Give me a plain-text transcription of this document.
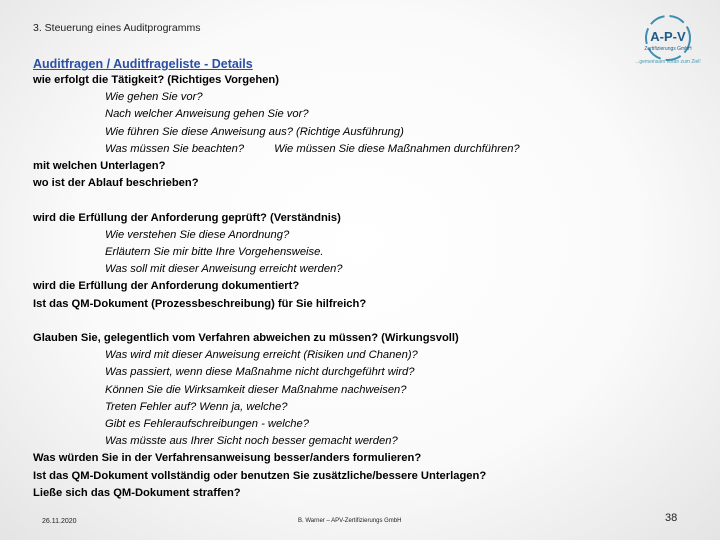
3. Steuerung eines Auditprogramms
Auditfragen / Auditfrageliste - Details
A-P-V
Zertifizierungs GmbH
...gemeinsam voran zum Ziel!
wie erfolgt die Tätigkeit? (Richtiges Vorgehen)
Wie gehen Sie vor?
Nach welcher Anweisung gehen Sie vor?
Wie führen Sie diese Anweisung aus? (Richtige Ausführung)
Was müssen Sie beachten?	Wie müssen Sie diese Maßnahmen durchführen?
mit welchen Unterlagen?
wo ist der Ablauf beschrieben?
wird die Erfüllung der Anforderung geprüft? (Verständnis)
Wie verstehen Sie diese Anordnung?
Erläutern Sie mir bitte Ihre Vorgehensweise.
Was soll mit dieser Anweisung erreicht werden?
wird die Erfüllung der Anforderung dokumentiert?
Ist das QM-Dokument (Prozessbeschreibung) für Sie hilfreich?
Glauben Sie, gelegentlich vom Verfahren abweichen zu müssen? (Wirkungsvoll)
Was wird mit dieser Anweisung erreicht (Risiken und Chanen)?
Was passiert, wenn diese Maßnahme nicht durchgeführt wird?
Können Sie die Wirksamkeit dieser Maßnahme nachweisen?
Treten Fehler auf? Wenn ja, welche?
Gibt es Fehleraufschreibungen - welche?
Was müsste aus Ihrer Sicht noch besser gemacht werden?
Was würden Sie in der Verfahrensanweisung besser/anders formulieren?
Ist das QM-Dokument vollständig oder benutzen Sie zusätzliche/bessere Unterlagen?
Ließe sich das QM-Dokument straffen?
26.11.2020	B. Warner – APV-Zertifizierungs GmbH	38
